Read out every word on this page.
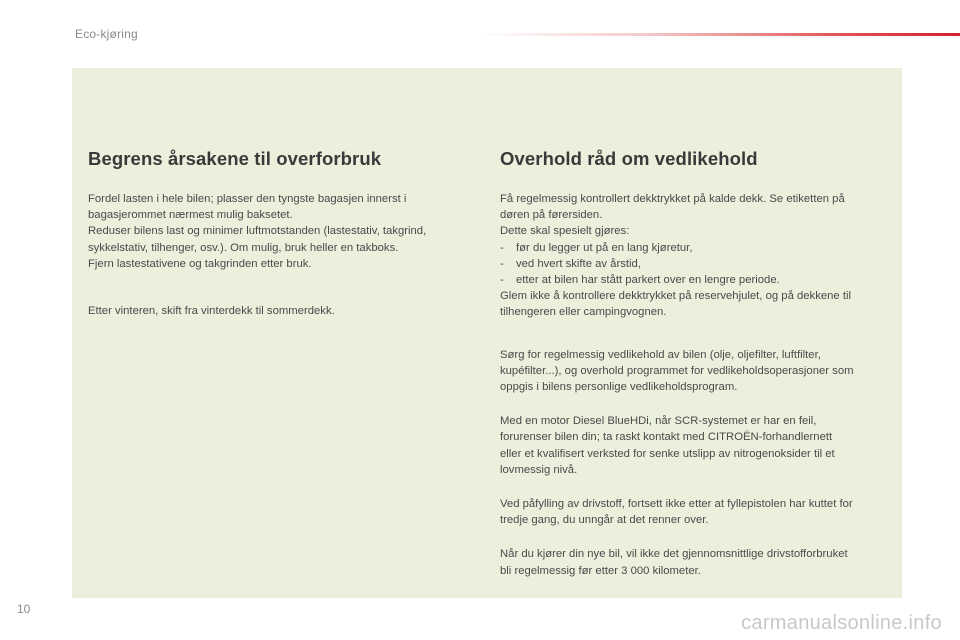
Eco-kjøring
Begrens årsakene til overforbruk

Fordel lasten i hele bilen; plasser den tyngste bagasjen innerst i
bagasjerommet nærmest mulig baksetet.
Reduser bilens last og minimer luftmotstanden (lastestativ, takgrind,
sykkelstativ, tilhenger, osv.). Om mulig, bruk heller en takboks.
Fjern lastestativene og takgrinden etter bruk.

Etter vinteren, skift fra vinterdekk til sommerdekk.

Overhold råd om vedlikehold

Få regelmessig kontrollert dekktrykket på kalde dekk. Se etiketten på
døren på førersiden.
Dette skal spesielt gjøres:
- før du legger ut på en lang kjøretur,
- ved hvert skifte av årstid,
- etter at bilen har stått parkert over en lengre periode.
Glem ikke å kontrollere dekktrykket på reservehjulet, og på dekkene til
tilhengeren eller campingvognen.

Sørg for regelmessig vedlikehold av bilen (olje, oljefilter, luftfilter,
kupéfilter...), og overhold programmet for vedlikeholdsoperasjoner som
oppgis i bilens personlige vedlikeholdsprogram.

Med en motor Diesel BlueHDi, når SCR-systemet er har en feil,
forurenser bilen din; ta raskt kontakt med CITROËN-forhandlernett
eller et kvalifisert verksted for senke utslipp av nitrogenoksider til et
lovmessig nivå.

Ved påfylling av drivstoff, fortsett ikke etter at fyllepistolen har kuttet for
tredje gang, du unngår at det renner over.

Når du kjører din nye bil, vil ikke det gjennomsnittlige drivstofforbruket
bli regelmessig før etter 3 000 kilometer.

10
carmanualsonline.info
